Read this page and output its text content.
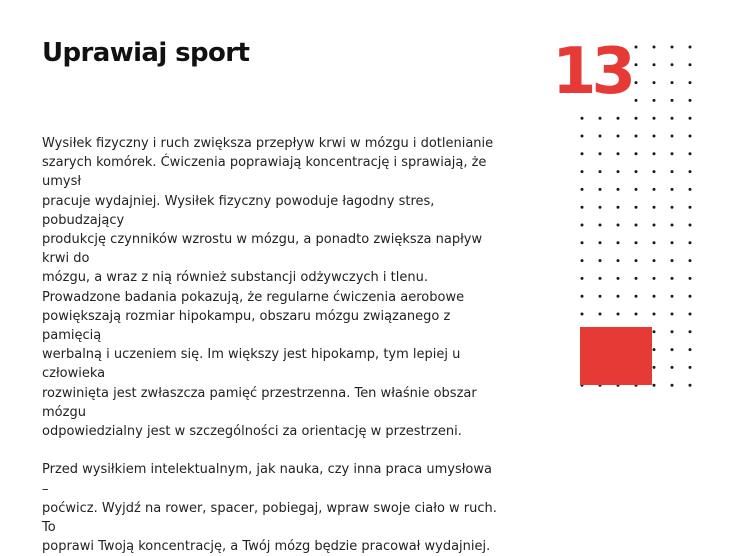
Uprawiaj sport

Wysiłek fizyczny i ruch zwiększa przepływ krwi w mózgu i dotlenianie
szarych komórek. Ćwiczenia poprawiają koncentrację i sprawiają, że umysł
pracuje wydajniej. Wysiłek fizyczny powoduje łagodny stres, pobudzający
produkcję czynników wzrostu w mózgu, a ponadto zwiększa napływ krwi do
mózgu, a wraz z nią również substancji odżywczych i tlenu.
Prowadzone badania pokazują, że regularne ćwiczenia aerobowe
powiększają rozmiar hipokampu, obszaru mózgu związanego z pamięcią
werbalną i uczeniem się. Im większy jest hipokamp, tym lepiej u człowieka
rozwinięta jest zwłaszcza pamięć przestrzenna. Ten właśnie obszar mózgu
odpowiedzialny jest w szczególności za orientację w przestrzeni.

Przed wysiłkiem intelektualnym, jak nauka, czy inna praca umysłowa –
poćwicz. Wyjdź na rower, spacer, pobiegaj, wpraw swoje ciało w ruch. To
poprawi Twoją koncentrację, a Twój mózg będzie pracował wydajniej.

13
